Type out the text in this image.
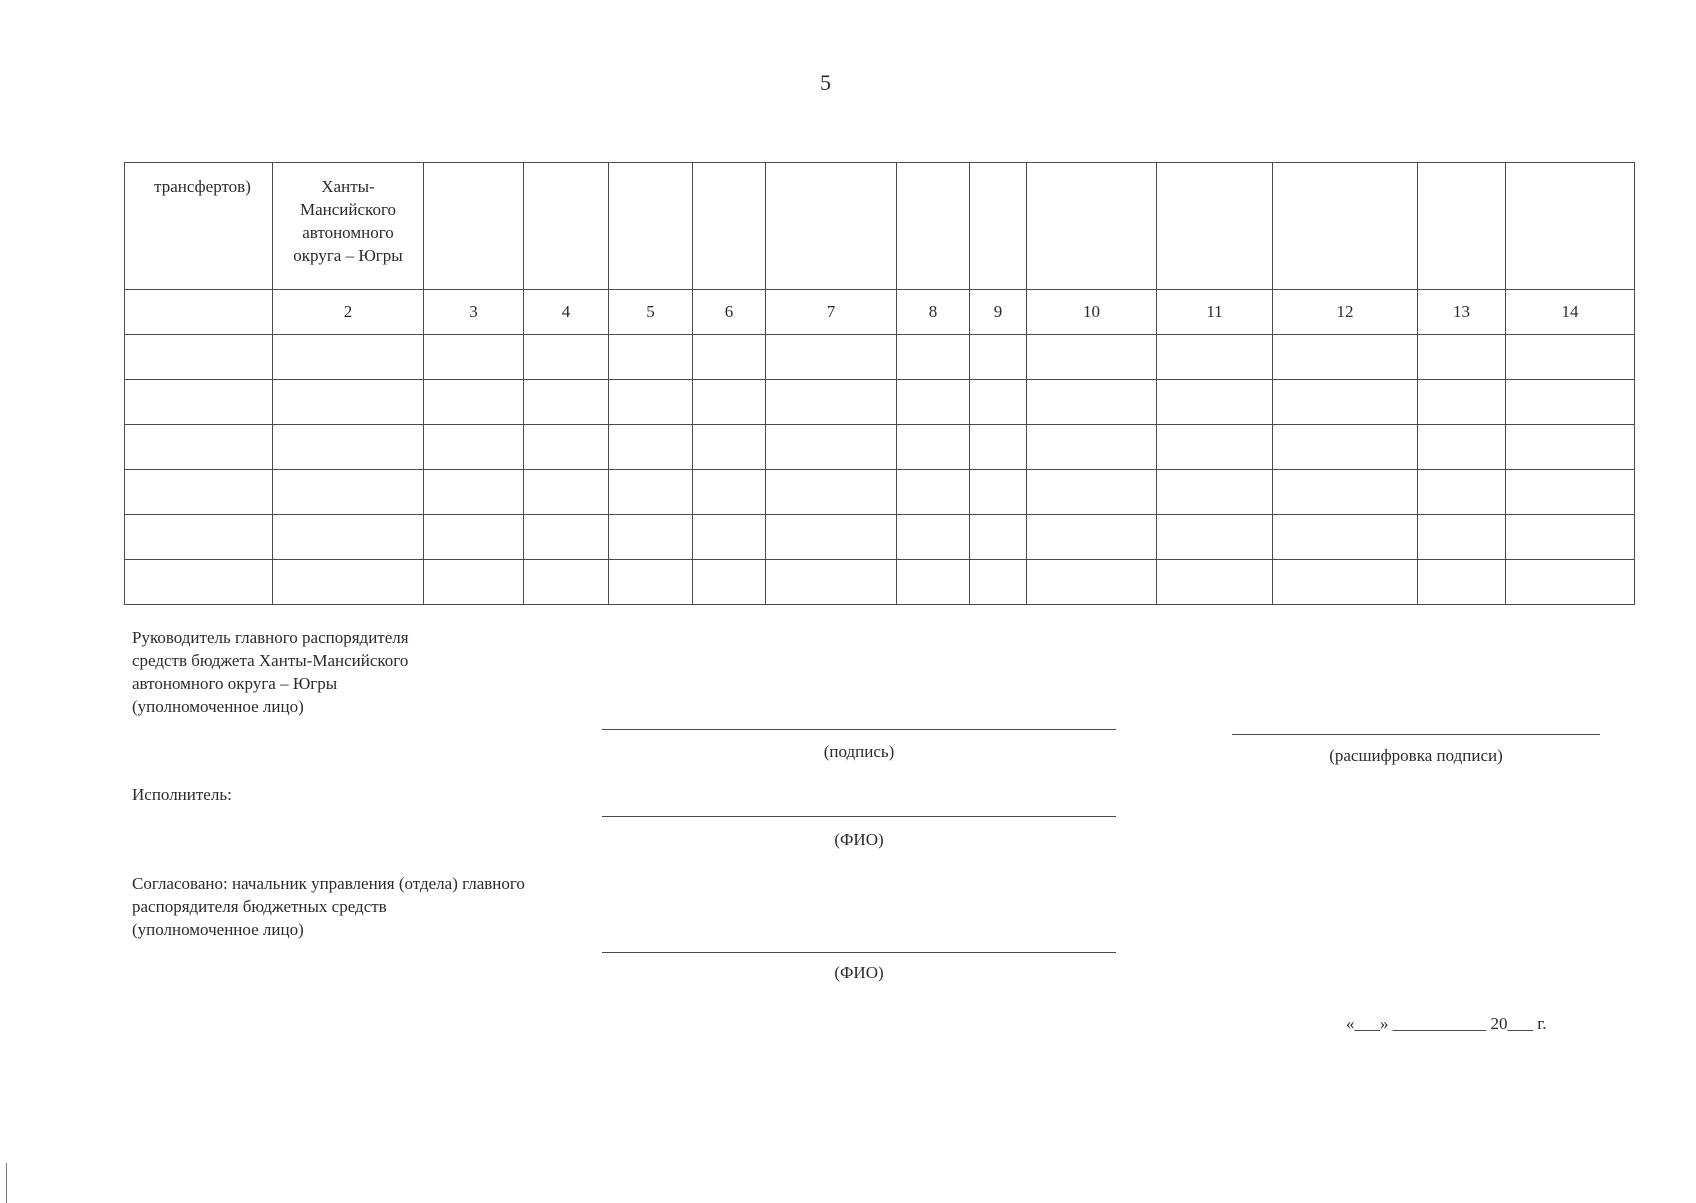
5
трансфертов)	Ханты-
Мансийского
автономного
округа – Югры												
	2	3	4	5	6	7	8	9	10	11	12	13	14

Руководитель главного распорядителя
средств бюджета Ханты-Мансийского
автономного округа – Югры
(уполномоченное лицо)
(подпись)	(расшифровка подписи)
Исполнитель:
(ФИО)
Согласовано: начальник управления (отдела) главного
распорядителя бюджетных средств
(уполномоченное лицо)
(ФИО)
«___» ___________ 20___ г.
